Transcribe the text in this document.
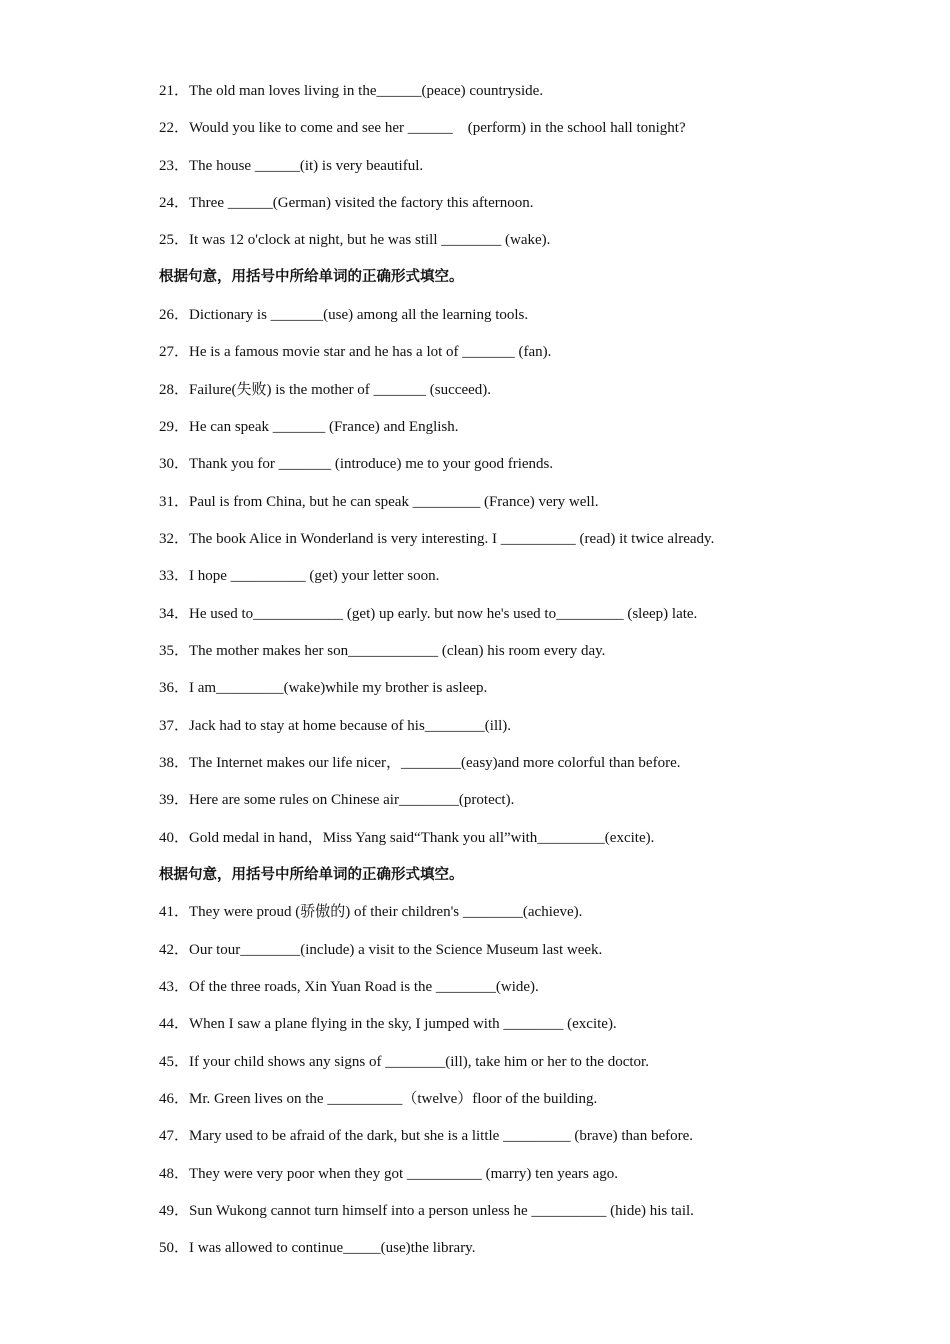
21．The old man loves living in the______(peace) countryside.
22．Would you like to come and see her ______    (perform) in the school hall tonight?
23．The house ______(it) is very beautiful.
24．Three ______(German) visited the factory this afternoon.
25．It was 12 o'clock at night, but he was still ________ (wake).
根据句意，用括号中所给单词的正确形式填空。
26．Dictionary is _______(use) among all the learning tools.
27．He is a famous movie star and he has a lot of _______ (fan).
28．Failure(失败) is the mother of _______ (succeed).
29．He can speak _______ (France) and English.
30．Thank you for _______ (introduce) me to your good friends.
31．Paul is from China, but he can speak _________ (France) very well.
32．The book Alice in Wonderland is very interesting. I __________ (read) it twice already.
33．I hope __________ (get) your letter soon.
34．He used to____________ (get) up early. but now he's used to_________ (sleep) late.
35．The mother makes her son____________ (clean) his room every day.
36．I am_________(wake)while my brother is asleep.
37．Jack had to stay at home because of his________(ill).
38．The Internet makes our life nicer，________(easy)and more colorful than before.
39．Here are some rules on Chinese air________(protect).
40．Gold medal in hand，Miss Yang said“Thank you all”with_________(excite).
根据句意，用括号中所给单词的正确形式填空。
41．They were proud (骄傲的) of their children's ________(achieve).
42．Our tour________(include) a visit to the Science Museum last week.
43．Of the three roads, Xin Yuan Road is the ________(wide).
44．When I saw a plane flying in the sky, I jumped with ________ (excite).
45．If your child shows any signs of ________(ill), take him or her to the doctor.
46．Mr. Green lives on the __________（twelve）floor of the building.
47．Mary used to be afraid of the dark, but she is a little _________ (brave) than before.
48．They were very poor when they got __________ (marry) ten years ago.
49．Sun Wukong cannot turn himself into a person unless he __________ (hide) his tail.
50．I was allowed to continue_____(use)the library.
